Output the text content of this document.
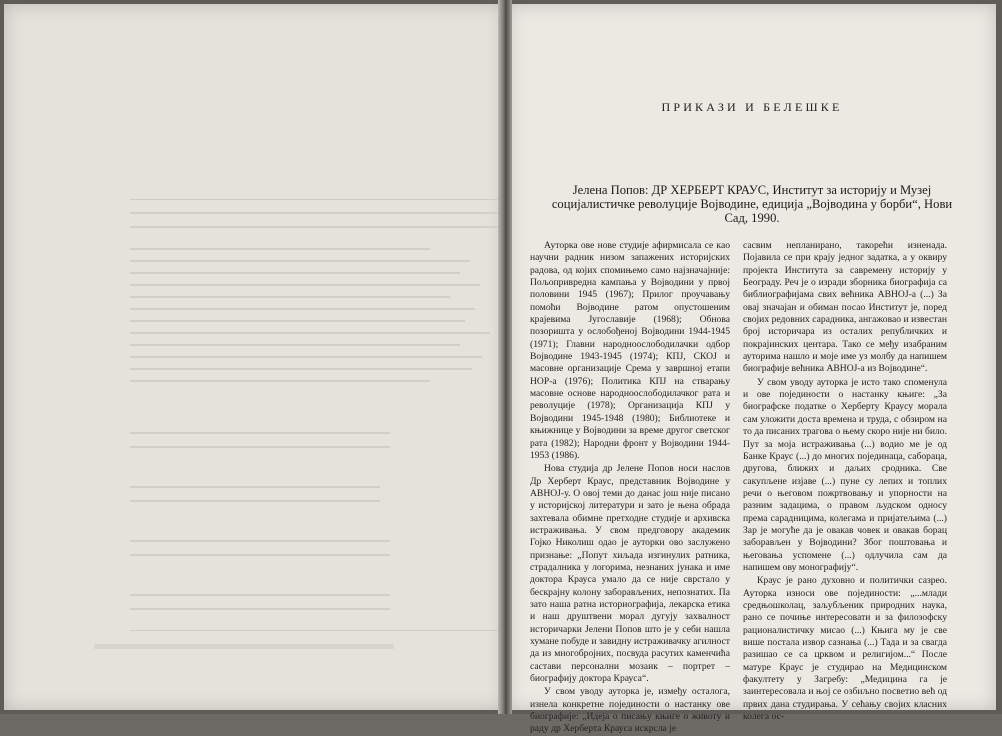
ПРИКАЗИ И БЕЛЕШКЕ
Јелена Попов: ДР ХЕРБЕРТ КРАУС, Институт за историју и Музеј социјалистичке револуције Војводине, едиција „Војводина у борби“, Нови Сад, 1990.

Ауторка ове нове студије афирмисала се као научни радник низом запажених историјских радова, од којих спомињемо само најзначајније: Пољопривредна кампања у Војводини у првој половини 1945 (1967); Прилог проучавању помоћи Војводине ратом опустошеним крајевима Југославије (1968); Обнова позоришта у ослобођеној Војводини 1944-1945 (1971); Главни народноослободилачки одбор Војводине 1943-1945 (1974); КПЈ, СКОЈ и масовне организације Срема у завршној етапи НОР-а (1976); Политика КПЈ на стварању масовне основе народноослободилачког рата и револуције (1978); Организација КПЈ у Војводини 1945-1948 (1980); Библиотеке и књижнице у Војводини за време другог светског рата (1982); Народни фронт у Војводини 1944-1953 (1986).

Нова студија др Јелене Попов носи наслов Др Херберт Краус, представник Војводине у АВНОЈ-у. О овој теми до данас још није писано у историјској литератури и зато је њена обрада захтевала обимне претходне студије и архивска истраживања. У свом предговору академик Гојко Николиш одао је ауторки ово заслужено признање: „Попут хиљада изгинулих ратника, страдалника у логорима, незнаних јунака и име доктора Крауса умало да се није сврстало у бескрајну колону заборављених, непознатих. Па зато наша ратна историографија, лекарска етика и наш друштвени морал дугују захвалност историчарки Јелени Попов што је у себи нашла хумане побуде и завидну истраживачку агилност да из многобројних, посвуда расутих каменчића састави персонални мозаик – портрет – биографију доктора Крауса“.

У свом уводу ауторка је, између осталога, изнела конкретне појединости о настанку ове биографије: „Идеја о писању књиге о животу и раду др Херберта Крауса искрсла је

сасвим непланирано, такорећи изненада. Појавила се при крају једног задатка, а у оквиру пројекта Института за савремену историју у Београду. Реч је о изради зборника биографија са библиографијама свих већника АВНОЈ-а (...) За овај значајан и обиман посао Институт је, поред својих редовних сарадника, ангажовао и известан број историчара из осталих републичких и покрајинских центара. Тако се међу изабраним ауторима нашло и моје име уз молбу да напишем биографије већника АВНОЈ-а из Војводине“.

У свом уводу ауторка је исто тако споменула и ове појединости о настанку књиге: „За биографске податке о Херберту Краусу морала сам уложити доста времена и труда, с обзиром на то да писаних трагова о њему скоро није ни било. Пут за моја истраживања (...) водио ме је од Банке Краус (...) до многих појединаца, сабораца, другова, ближих и даљих сродника. Све сакупљене изјаве (...) пуне су лепих и топлих речи о његовом пожртвовању и упорности на разним задацима, о правом људском односу према сарадницима, колегама и пријатељима (...) Зар је могуће да је овакав човек и овакав борац заборављен у Војводини? Због поштовања и његовања успомене (...) одлучила сам да напишем ову монографију“.

Краус је рано духовно и политички сазрео. Ауторка износи ове појединости: „...млади средњошколац, заљубљеник природних наука, рано се почиње интересовати и за филозофску рационалистичку мисао (...) Књига му је све више постала извор сазнања (...) Тада и за свагда разишао се са црквом и религијом...“ После матуре Краус је студирао на Медицинском факултету у Загребу: „Медицина га је заинтересовала и њој се озбиљно посветио већ од првих дана студирања. У сећању својих класних колега ос-
